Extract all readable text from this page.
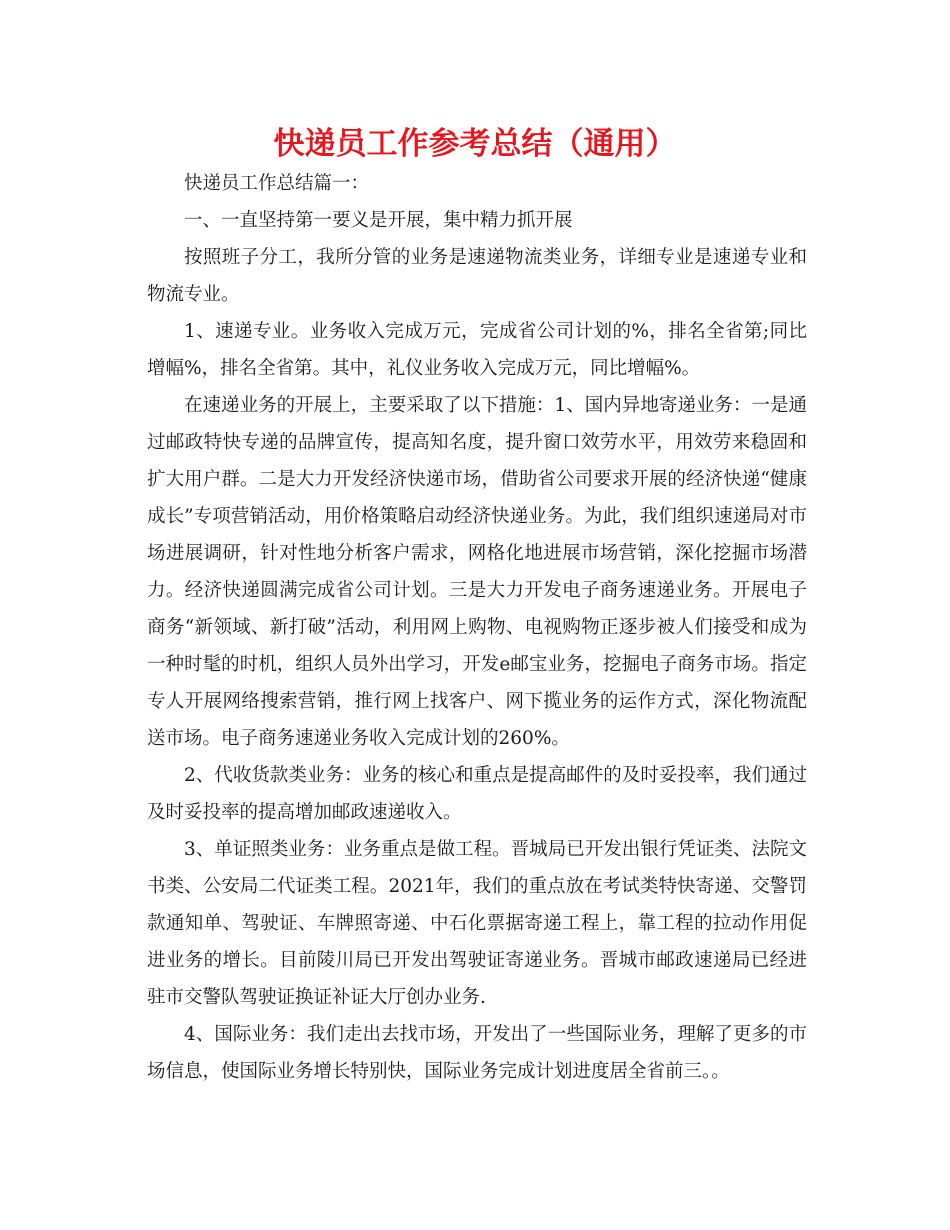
快递员工作参考总结（通用）

快递员工作总结篇一：

一、一直坚持第一要义是开展，集中精力抓开展

按照班子分工，我所分管的业务是速递物流类业务，详细专业是速递专业和物流专业。

1、速递专业。业务收入完成万元，完成省公司计划的%，排名全省第;同比增幅%，排名全省第。其中，礼仪业务收入完成万元，同比增幅%。

在速递业务的开展上，主要采取了以下措施：1、国内异地寄递业务：一是通过邮政特快专递的品牌宣传，提高知名度，提升窗口效劳水平，用效劳来稳固和扩大用户群。二是大力开发经济快递市场，借助省公司要求开展的经济快递“健康成长”专项营销活动，用价格策略启动经济快递业务。为此，我们组织速递局对市场进展调研，针对性地分析客户需求，网格化地进展市场营销，深化挖掘市场潜力。经济快递圆满完成省公司计划。三是大力开发电子商务速递业务。开展电子商务“新领域、新打破”活动，利用网上购物、电视购物正逐步被人们接受和成为一种时髦的时机，组织人员外出学习，开发e邮宝业务，挖掘电子商务市场。指定专人开展网络搜索营销，推行网上找客户、网下揽业务的运作方式，深化物流配送市场。电子商务速递业务收入完成计划的260%。

2、代收货款类业务：业务的核心和重点是提高邮件的及时妥投率，我们通过及时妥投率的提高增加邮政速递收入。

3、单证照类业务：业务重点是做工程。晋城局已开发出银行凭证类、法院文书类、公安局二代证类工程。2021年，我们的重点放在考试类特快寄递、交警罚款通知单、驾驶证、车牌照寄递、中石化票据寄递工程上，靠工程的拉动作用促进业务的增长。目前陵川局已开发出驾驶证寄递业务。晋城市邮政速递局已经进驻市交警队驾驶证换证补证大厅创办业务.

4、国际业务：我们走出去找市场，开发出了一些国际业务，理解了更多的市场信息，使国际业务增长特别快，国际业务完成计划进度居全省前三。。
